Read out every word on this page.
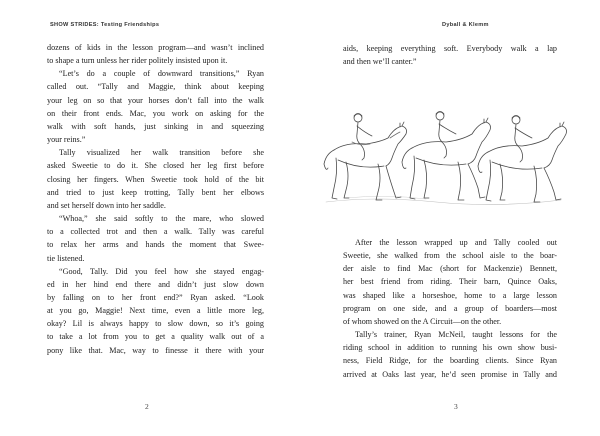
SHOW STRIDES: Testing Friendships
dozens of kids in the lesson program—and wasn’t inclined
to shape a turn unless her rider politely insisted upon it.
“Let’s do a couple of downward transitions,” Ryan
called out. “Tally and Maggie, think about keeping
your leg on so that your horses don’t fall into the walk
on their front ends. Mac, you work on asking for the
walk with soft hands, just sinking in and squeezing
your reins.”
Tally visualized her walk transition before she
asked Sweetie to do it. She closed her leg first before
closing her fingers. When Sweetie took hold of the bit
and tried to just keep trotting, Tally bent her elbows
and set herself down into her saddle.
“Whoa,” she said softly to the mare, who slowed
to a collected trot and then a walk. Tally was careful
to relax her arms and hands the moment that Swee-
tie listened.
“Good, Tally. Did you feel how she stayed engag-
ed in her hind end there and didn’t just slow down
by falling on to her front end?” Ryan asked. “Look
at you go, Maggie! Next time, even a little more leg,
okay? Lil is always happy to slow down, so it’s going
to take a lot from you to get a quality walk out of a
pony like that. Mac, way to finesse it there with your
2
Dyball & Klemm
aids, keeping everything soft. Everybody walk a lap
and then we’ll canter.”
After the lesson wrapped up and Tally cooled out
Sweetie, she walked from the school aisle to the boar-
der aisle to find Mac (short for Mackenzie) Bennett,
her best friend from riding. Their barn, Quince Oaks,
was shaped like a horseshoe, home to a large lesson
program on one side, and a group of boarders—most
of whom showed on the A Circuit—on the other.
Tally’s trainer, Ryan McNeil, taught lessons for the
riding school in addition to running his own show busi-
ness, Field Ridge, for the boarding clients. Since Ryan
arrived at Oaks last year, he’d seen promise in Tally and
3
